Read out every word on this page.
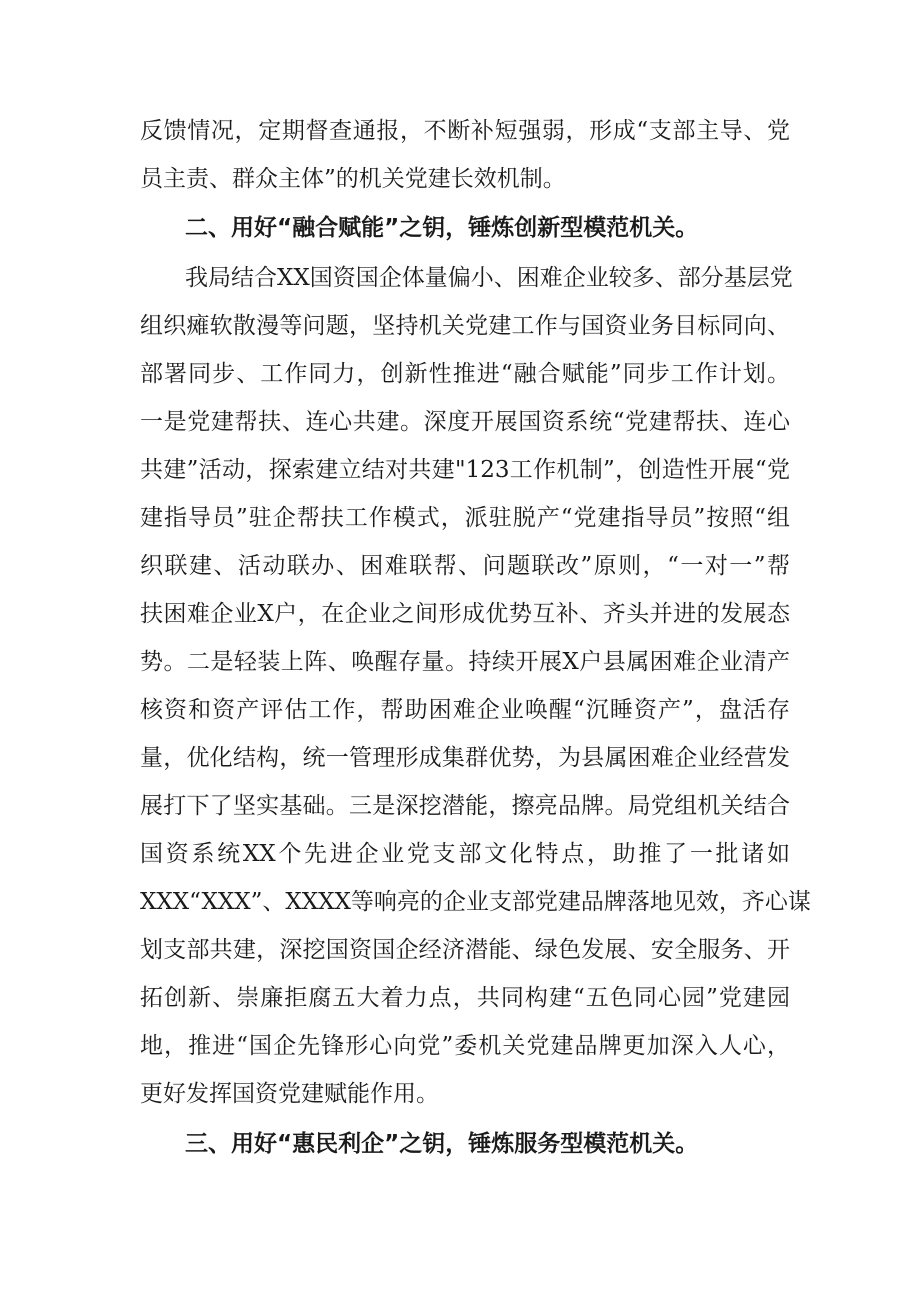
反馈情况，定期督查通报，不断补短强弱，形成“支部主导、党
员主责、群众主体”的机关党建长效机制。
二、用好“融合赋能”之钥，锤炼创新型模范机关。
我局结合XX国资国企体量偏小、困难企业较多、部分基层党
组织瘫软散漫等问题，坚持机关党建工作与国资业务目标同向、
部署同步、工作同力，创新性推进“融合赋能”同步工作计划。
一是党建帮扶、连心共建。深度开展国资系统“党建帮扶、连心
共建”活动，探索建立结对共建"123工作机制”，创造性开展“党
建指导员”驻企帮扶工作模式，派驻脱产“党建指导员”按照“组
织联建、活动联办、困难联帮、问题联改”原则，“一对一”帮
扶困难企业X户，在企业之间形成优势互补、齐头并进的发展态
势。二是轻装上阵、唤醒存量。持续开展X户县属困难企业清产
核资和资产评估工作，帮助困难企业唤醒“沉睡资产”，盘活存
量，优化结构，统一管理形成集群优势，为县属困难企业经营发
展打下了坚实基础。三是深挖潜能，擦亮品牌。局党组机关结合
国资系统XX个先进企业党支部文化特点，助推了一批诸如
XXX“XXX”、XXXX等响亮的企业支部党建品牌落地见效，齐心谋
划支部共建，深挖国资国企经济潜能、绿色发展、安全服务、开
拓创新、崇廉拒腐五大着力点，共同构建“五色同心园”党建园
地，推进“国企先锋形心向党”委机关党建品牌更加深入人心，
更好发挥国资党建赋能作用。
三、用好“惠民利企”之钥，锤炼服务型模范机关。
